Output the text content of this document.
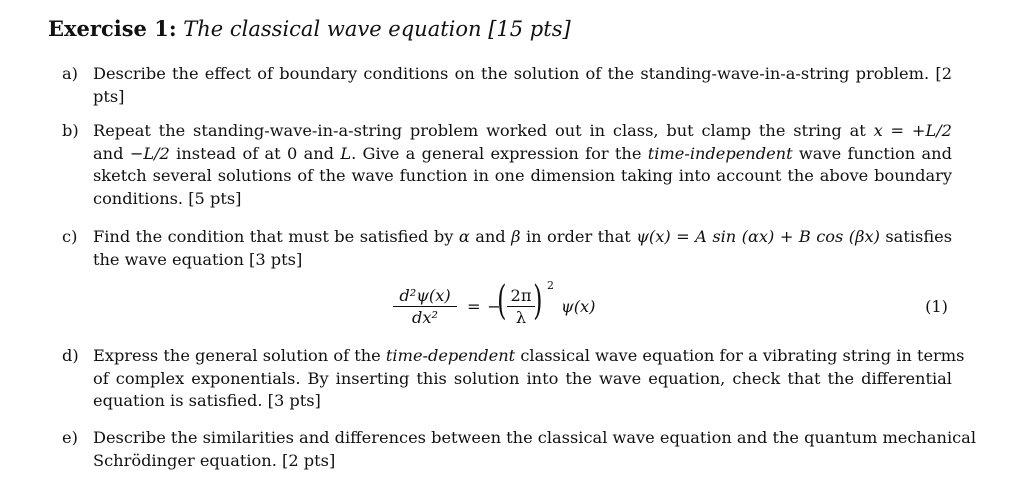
Exercise 1: The classical wave equation [15 pts]
a) Describe the effect of boundary conditions on the solution of the standing-wave-in-a-string problem. [2
pts]
b) Repeat the standing-wave-in-a-string problem worked out in class, but clamp the string at x = +L/2
and −L/2 instead of at 0 and L. Give a general expression for the time-independent wave function and
sketch several solutions of the wave function in one dimension taking into account the above boundary
conditions. [5 pts]
c) Find the condition that must be satisfied by α and β in order that ψ(x) = A sin (αx) + B cos (βx) satisfies
the wave equation [3 pts]
$\frac{\text{d²ψ(x)}}{\text{dx²}}$ = −
( $\frac{2\pi}{\lambda}$
) 2
ψ(x)	(1)
d) Express the general solution of the time-dependent classical wave equation for a vibrating string in terms
of complex exponentials. By inserting this solution into the wave equation, check that the differential
equation is satisfied. [3 pts]
e) Describe the similarities and differences between the classical wave equation and the quantum mechanical
Schrödinger equation. [2 pts]
